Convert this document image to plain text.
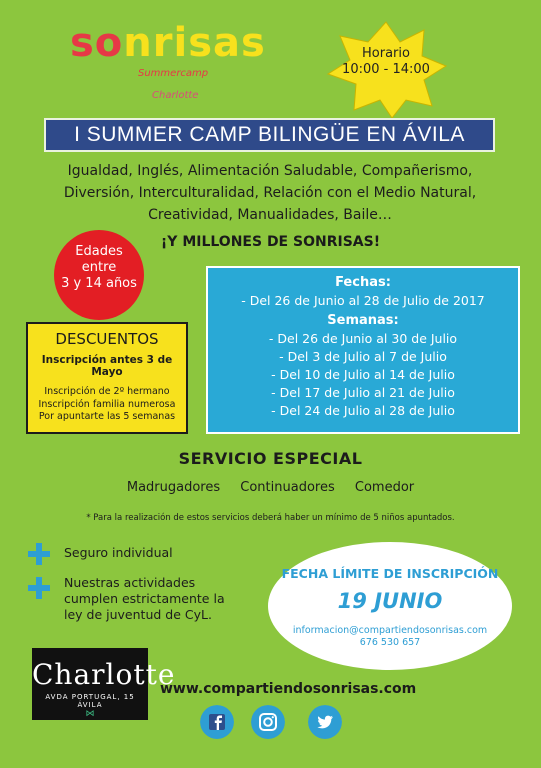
sonrisas
Summercamp
Charlotte
Horario
10:00 - 14:00
I SUMMER CAMP BILINGÜE EN ÁVILA
Igualdad, Inglés, Alimentación Saludable, Compañerismo,
Diversión, Interculturalidad, Relación con el Medio Natural,
Creatividad, Manualidades, Baile…
¡Y MILLONES DE SONRISAS!
Edades
entre
3 y 14 años	Fechas:
- Del 26 de Junio al 28 de Julio de 2017
Semanas:
- Del 26 de Junio al 30 de Julio
- Del 3 de Julio al 7 de Julio
- Del 10 de Julio al 14 de Julio
- Del 17 de Julio al 21 de Julio
- Del 24 de Julio al 28 de Julio
DESCUENTOS
Inscripción antes 3 de Mayo
Inscripción de 2º hermano
Inscripción familia numerosa
Por apuntarte las 5 semanas
SERVICIO ESPECIAL
Madrugadores Continuadores Comedor
* Para la realización de estos servicios deberá haber un mínimo de 5 niños apuntados.
Seguro individual
Nuestras actividades
cumplen estrictamente la
ley de juventud de CyL.
FECHA LÍMITE DE INSCRIPCIÓN
19 JUNIO
informacion@compartiendosonrisas.com
676 530 657
Charlotte
AVDA PORTUGAL, 15 ÁVILA
⋈
www.compartiendosonrisas.com
